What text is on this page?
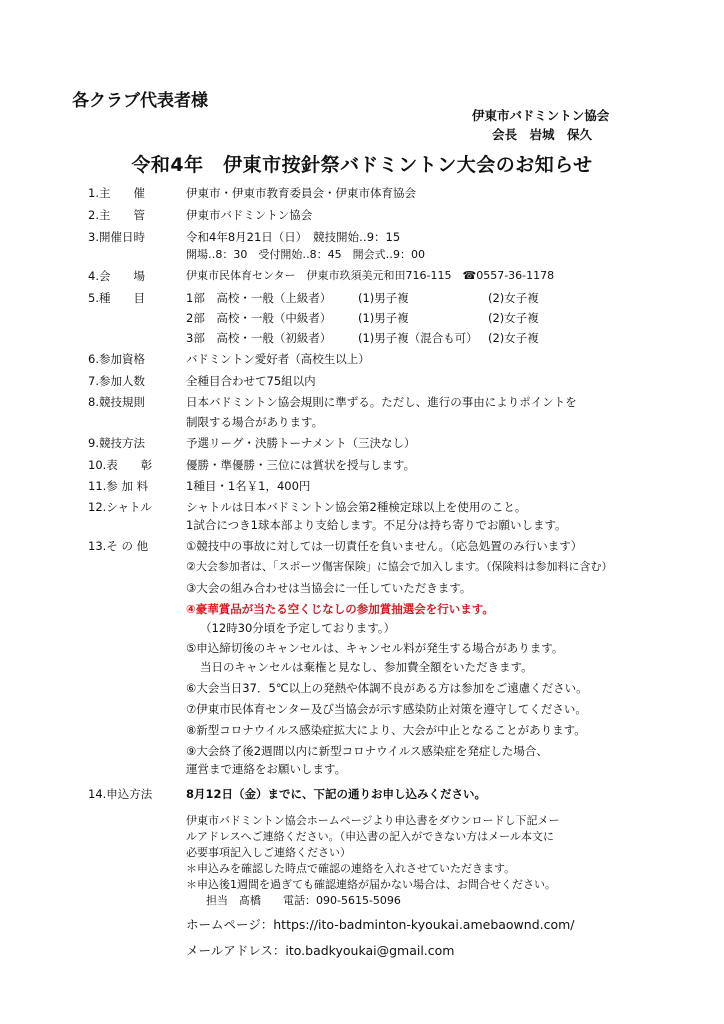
各クラブ代表者様
伊東市バドミントン協会
会長　岩城　保久
令和4年　伊東市按針祭バドミントン大会のお知らせ
1.主　　催	伊東市・伊東市教育委員会・伊東市体育協会
2.主　　管	伊東市バドミントン協会
3.開催日時	令和4年8月21日（日）　競技開始‥9：15
開場‥8：30　受付開始‥8：45　開会式‥9：00
4.会　　場	伊東市民体育センター　伊東市玖須美元和田716-115　☎0557-36-1178
5.種　　目	1部　高校・一般（上級者） (1)男子複	(2)女子複
2部　高校・一般（中級者） (1)男子複	(2)女子複
3部　高校・一般（初級者） (1)男子複（混合も可） (2)女子複
6.参加資格	バドミントン愛好者（高校生以上）
7.参加人数	全種目合わせて75組以内
8.競技規則	日本バドミントン協会規則に準ずる。ただし、進行の事由によりポイントを
制限する場合があります。
9.競技方法	予選リーグ・決勝トーナメント（三決なし）
10.表　　彰	優勝・準優勝・三位には賞状を授与します。
11.参 加 料	1種目・1名￥1，400円
12.シャトル	シャトルは日本バドミントン協会第2種検定球以上を使用のこと。
1試合につき1球本部より支給します。不足分は持ち寄りでお願いします。
13.そ の 他	①競技中の事故に対しては一切責任を負いません。（応急処置のみ行います）
②大会参加者は、「スポーツ傷害保険」に協会で加入します。（保険料は参加料に含む）
③大会の組み合わせは当協会に一任していただきます。
④豪華賞品が当たる空くじなしの参加賞抽選会を行います。
（12時30分頃を予定しております。）
⑤申込締切後のキャンセルは、キャンセル料が発生する場合があります。
当日のキャンセルは棄権と見なし、参加費全額をいただきます。
⑥大会当日37．5℃以上の発熱や体調不良がある方は参加をご遠慮ください。
⑦伊東市民体育センター及び当協会が示す感染防止対策を遵守してください。
⑧新型コロナウイルス感染症拡大により、大会が中止となることがあります。
⑨大会終了後2週間以内に新型コロナウイルス感染症を発症した場合、
運営まで連絡をお願いします。
14.申込方法	8月12日（金）までに、下記の通りお申し込みください。
伊東市バドミントン協会ホームページより申込書をダウンロードし下記メー
ルアドレスへご連絡ください。（申込書の記入ができない方はメール本文に
必要事項記入しご連絡ください）
＊申込みを確認した時点で確認の連絡を入れさせていただきます。
＊申込後1週間を過ぎても確認連絡が届かない場合は、お問合せください。
担当　髙橋　　電話：090-5615-5096
ホームページ：https://ito-badminton-kyoukai.amebaownd.com/
メールアドレス：ito.badkyoukai@gmail.com
